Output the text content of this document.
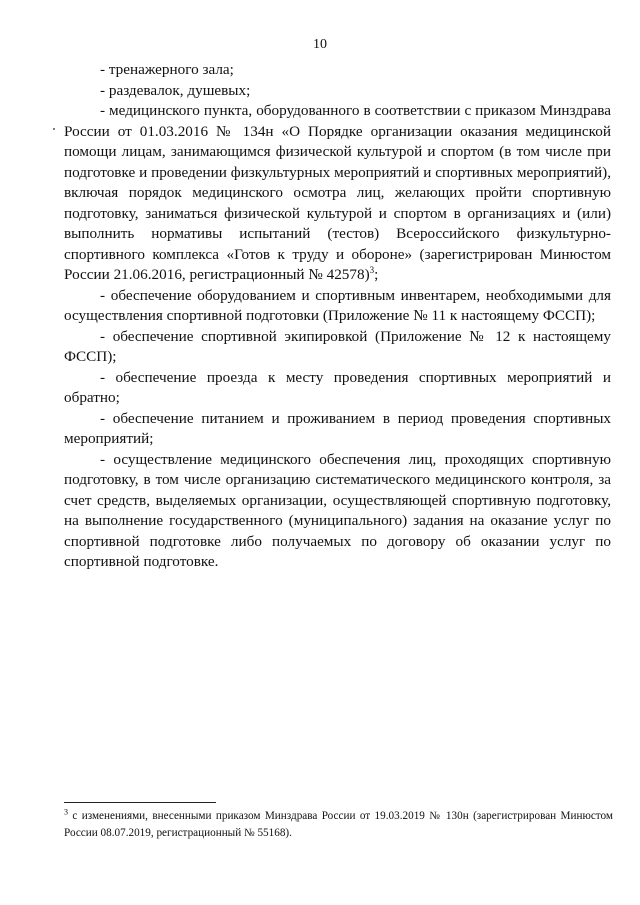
10

- тренажерного зала;

- раздевалок, душевых;

- медицинского пункта, оборудованного в соответствии с приказом Минздрава России от 01.03.2016 № 134н «О Порядке организации оказания медицинской помощи лицам, занимающимся физической культурой и спортом (в том числе при подготовке и проведении физкультурных мероприятий и спортивных мероприятий), включая порядок медицинского осмотра лиц, желающих пройти спортивную подготовку, заниматься физической культурой и спортом в организациях и (или) выполнить нормативы испытаний (тестов) Всероссийского физкультурно-спортивного комплекса «Готов к труду и обороне» (зарегистрирован Минюстом России 21.06.2016, регистрационный № 42578)$^3$;

- обеспечение оборудованием и спортивным инвентарем, необходимыми для осуществления спортивной подготовки (Приложение № 11 к настоящему ФССП);

- обеспечение спортивной экипировкой (Приложение № 12 к настоящему ФССП);

- обеспечение проезда к месту проведения спортивных мероприятий и обратно;

- обеспечение питанием и проживанием в период проведения спортивных мероприятий;

- осуществление медицинского обеспечения лиц, проходящих спортивную подготовку, в том числе организацию систематического медицинского контроля, за счет средств, выделяемых организации, осуществляющей спортивную подготовку, на выполнение государственного (муниципального) задания на оказание услуг по спортивной подготовке либо получаемых по договору об оказании услуг по спортивной подготовке.

$^3$ с изменениями, внесенными приказом Минздрава России от 19.03.2019 № 130н (зарегистрирован Минюстом России 08.07.2019, регистрационный № 55168).
